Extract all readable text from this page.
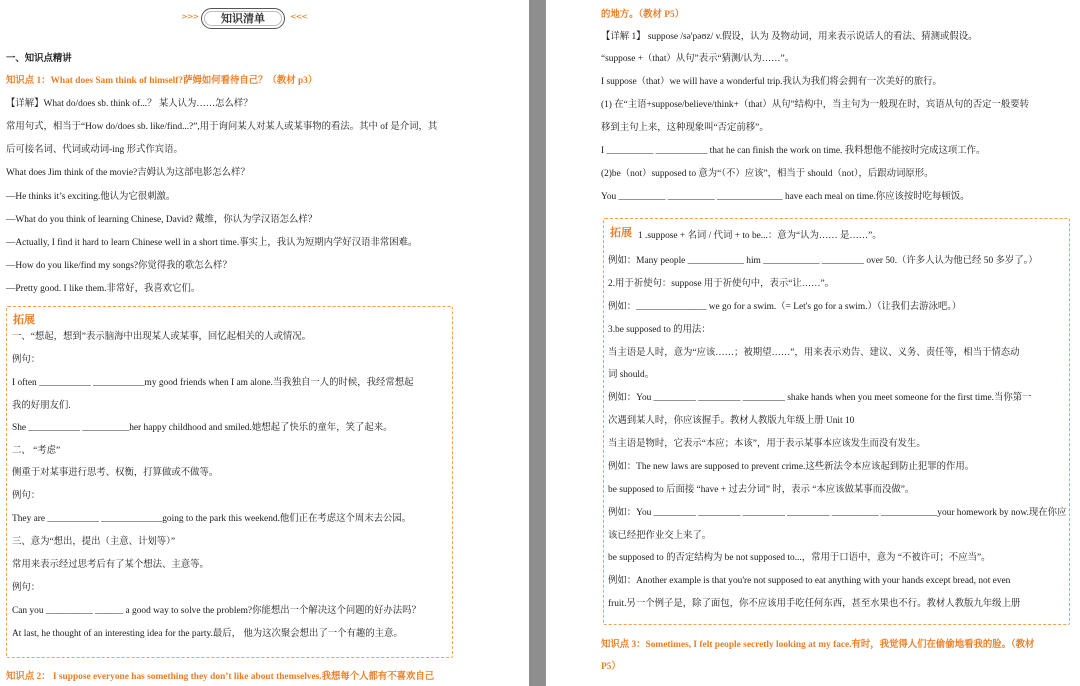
>>>	知识清单	<<<
一、知识点精讲
知识点 1：What does Sam think of himself?萨姆如何看待自己？（教材 p3）
【详解】What do/does sb. think of...？ 某人认为……怎么样？
常用句式，相当于“How do/does sb. like/find...?”,用于询问某人对某人或某事物的看法。其中 of 是介词，其
后可接名词、代词或动词-ing 形式作宾语。
What does Jim think of the movie?吉姆认为这部电影怎么样？
—He thinks it’s exciting.他认为它很刺激。
—What do you think of learning Chinese, David? 戴维，你认为学汉语怎么样？
—Actually, I find it hard to learn Chinese well in a short time.事实上，我认为短期内学好汉语非常困难。
—How do you like/find my songs?你觉得我的歌怎么样？
—Pretty good. I like them.非常好，我喜欢它们。
拓展
一、“想起，想到”表示脑海中出现某人或某事，回忆起相关的人或情况。
例句：
I often ___________ ___________my good friends when I am alone.当我独自一人的时候，我经常想起
我的好朋友们.
She ___________ __________her happy childhood and smiled.她想起了快乐的童年，笑了起来。
二、 “考虑”
侧重于对某事进行思考、权衡，打算做或不做等。
例句：
They are ___________ _____________going to the park this weekend.他们正在考虑这个周末去公园。
三、意为“想出，提出（主意、计划等）”
常用来表示经过思考后有了某个想法、主意等。
例句：
Can you __________ ______ a good way to solve the problem?你能想出一个解决这个问题的好办法吗？
At last, he thought of an interesting idea for the party.最后， 他为这次聚会想出了一个有趣的主意。
知识点 2： I suppose everyone has something they don’t like about themselves.我想每个人都有不喜欢自己
的地方。（教材 P5）
【详解 1】 suppose /sə'pəʊz/ v.假设，认为 及物动词，用来表示说话人的看法、猜测或假设。
“suppose +（that）从句”表示“猜测/认为……”。
I suppose（that）we will have a wonderful trip.我认为我们将会拥有一次美好的旅行。
(1) 在“主语+suppose/believe/think+（that）从句”结构中，当主句为一般现在时，宾语从句的否定一般要转
移到主句上来，这种现象叫“否定前移”。
I __________ ___________ that he can finish the work on time. 我料想他不能按时完成这项工作。
(2)be（not）supposed to 意为“（不）应该”，相当于 should（not），后跟动词原形。
You __________ __________ ______________ have each meal on time.你应该按时吃每顿饭。
拓展 1 .suppose + 名词 / 代词 + to be...：意为“认为…… 是……”。
例如：Many people ____________ him ____________ _________ over 50.（许多人认为他已经 50 多岁了。）
2.用于祈使句：suppose 用于祈使句中，表示“让……”。
例如：_______________ we go for a swim.（= Let's go for a swim.）（让我们去游泳吧。）
3.be supposed to 的用法：
当主语是人时，意为“应该……；被期望……”，用来表示劝告、建议、义务、责任等，相当于情态动
词 should。
例如：You _________ _________ _________ shake hands when you meet someone for the first time.当你第一
次遇到某人时，你应该握手。教材人教版九年级上册 Unit 10
当主语是物时，它表示“本应；本该”，用于表示某事本应该发生而没有发生。
例如：The new laws are supposed to prevent crime.这些新法令本应该起到防止犯罪的作用。
be supposed to 后面接 “have + 过去分词” 时，表示 “本应该做某事而没做”。
例如：You _________ _________ _________ _________ __________ ____________your homework by now.现在你应
该已经把作业交上来了。
be supposed to 的否定结构为 be not supposed to...，常用于口语中，意为 “不被许可；不应当”。
例如：Another example is that you're not supposed to eat anything with your hands except bread, not even
fruit.另一个例子是，除了面包，你不应该用手吃任何东西，甚至水果也不行。教材人教版九年级上册
知识点 3：Sometimes, I felt people secretly looking at my face.有时，我觉得人们在偷偷地看我的脸。（教材
P5）
